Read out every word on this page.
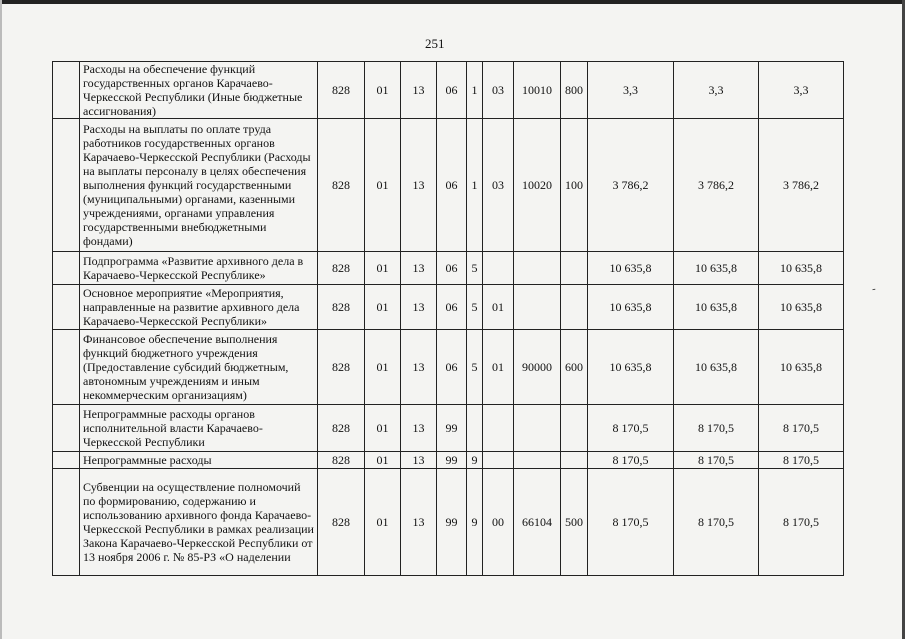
251
-
	Расходы на обеспечение функций государственных органов Карачаево-Черкесской Республики (Иные бюджетные ассигнования)	828	01	13	06	1	03	10010	800	3,3	3,3	3,3
	Расходы на выплаты по оплате труда работников государственных органов Карачаево-Черкесской Республики (Расходы на выплаты персоналу в целях обеспечения выполнения функций государственными (муниципальными) органами, казенными учреждениями, органами управления государственными внебюджетными фондами)	828	01	13	06	1	03	10020	100	3 786,2	3 786,2	3 786,2
	Подпрограмма «Развитие архивного дела в Карачаево-Черкесской Республике»	828	01	13	06	5				10 635,8	10 635,8	10 635,8
	Основное мероприятие «Мероприятия, направленные на развитие архивного дела Карачаево-Черкесской Республики»	828	01	13	06	5	01			10 635,8	10 635,8	10 635,8
	Финансовое обеспечение выполнения функций бюджетного учреждения (Предоставление субсидий бюджетным, автономным учреждениям и иным некоммерческим организациям)	828	01	13	06	5	01	90000	600	10 635,8	10 635,8	10 635,8
	Непрограммные расходы органов исполнительной власти Карачаево-Черкесской Республики	828	01	13	99					8 170,5	8 170,5	8 170,5
	Непрограммные расходы	828	01	13	99	9				8 170,5	8 170,5	8 170,5
	Субвенции на осуществление полномочий по формированию, содержанию и использованию архивного фонда Карачаево-Черкесской Республики в рамках реализации Закона Карачаево-Черкесской Республики от 13 ноября 2006 г. № 85-РЗ «О наделении	828	01	13	99	9	00	66104	500	8 170,5	8 170,5	8 170,5
